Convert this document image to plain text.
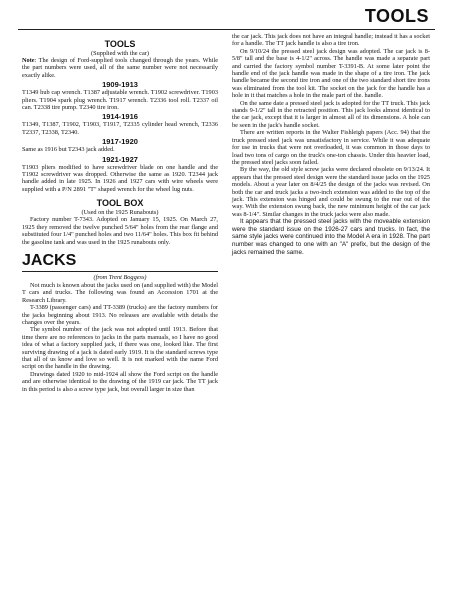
TOOLS
TOOLS
(Supplied with the car)

Note: The design of Ford-supplied tools changed through the years. While the part numbers were used, all of the same number were not necessarily exactly alike.

1909-1913

T1349 hub cap wrench. T1387 adjustable wrench. T1902 screwdriver. T1903 pliers. T1904 spark plug wrench. T1917 wrench. T2336 tool roll. T2337 oil can. T2338 tire pump. T2340 tire iron.

1914-1916

T1349, T1387, T1902, T1903, T1917, T2335 cylinder head wrench, T2336 T2337, T2338, T2340.

1917-1920

Same as 1916 but T2343 jack added.

1921-1927

T1903 pliers modified to have screwdriver blade on one handle and the T1902 screwdriver was dropped. Otherwise the same as 1920. T2344 jack handle added in late 1925. In 1926 and 1927 cars with wire wheels were supplied with a P/N 2891 "T" shaped wrench for the wheel lug nuts.

TOOL BOX
(Used on the 1925 Runabouts)

Factory number T-7343. Adopted on January 15, 1925. On March 27, 1925 they removed the twelve punched 5/64" holes from the rear flange and substituted four 1/4" punched holes and two 11/64" holes. This box fit behind the gasoline tank and was used in the 1925 runabouts only.

JACKS
(from Trent Boggess)

Not much is known about the jacks used on (and supplied with) the Model T cars and trucks. The following was found an Accession 1701 at the Research Library.

T-3389 (passenger cars) and TT-3389 (trucks) are the factory numbers for the jacks beginning about 1913. No releases are available with details the changes over the years.

The symbol number of the jack was not adopted until 1913. Before that time there are no references to jacks in the parts manuals, so I have no good idea of what a factory supplied jack, if there was one, looked like. The first surviving drawing of a jack is dated early 1919. It is the standard screws type that all of us know and love so well. It is not marked with the name Ford script on the handle in the drawing.

Drawings dated 1920 to mid-1924 all show the Ford script on the handle and are otherwise identical to the drawing of the 1919 car jack. The TT jack in this period is also a screw type jack, but overall larger in size than

the car jack. This jack does not have an integral handle; instead it has a socket for a handle. The TT jack handle is also a tire iron.

On 9/10/24 the pressed steel jack design was adopted. The car jack is 8-5/8" tall and the base is 4-1/2" across. The handle was made a separate part and carried the factory symbol number T-3391-B. At some later point the handle end of the jack handle was made in the shape of a tire iron. The jack handle became the second tire iron and one of the two standard short tire irons was eliminated from the tool kit. The socket on the jack for the handle has a hole in it that matches a hole in the male part of the. handle.

On the same date a pressed steel jack is adopted for the TT truck. This jack stands 9-1/2" tall in the retracted position. This jack looks almost identical to the car jack, except that it is larger in almost all of its dimensions. A hole can be seen in the jack's handle socket.

There are written reports in the Walter Fishleigh papers (Acc. 94) that the truck pressed steel jack was unsatisfactory in service. While it was adequate for use in trucks that were not overloaded, it was common in those days to load two tons of cargo on the truck's one-ton chassis. Under this heavier load, the pressed steel jacks soon failed.

By the way, the old style screw jacks were declared obsolete on 9/13/24. It appears that the pressed steel design were the standard issue jacks on the 1925 models. About a year later on 8/4/25 the design of the jacks was revised. On both the car and truck jacks a two-inch extension was added to the top of the jack. This extension was hinged and could be swung to the rear out of the way. With the extension swung back, the new minimum height of the car jack was 8-1/4". Similar changes in the truck jacks were also made.

It appears that the pressed steel jacks with the moveable extension were the standard issue on the 1926-27 cars and trucks. In fact, the same style jacks were continued into the Model A era in 1928. The part number was changed to one with an "A" prefix, but the design of the jacks remained the same.
